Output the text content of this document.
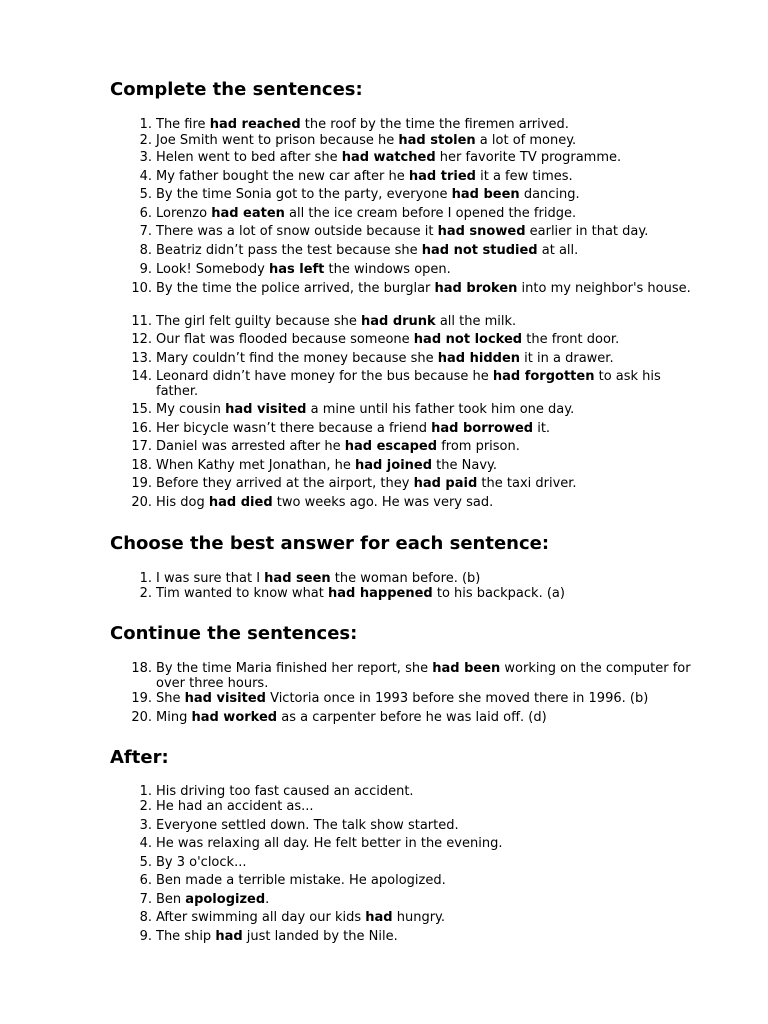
Complete the sentences:
1. The fire had reached the roof by the time the firemen arrived.
2. Joe Smith went to prison because he had stolen a lot of money.
3. Helen went to bed after she had watched her favorite TV programme.
4. My father bought the new car after he had tried it a few times.
5. By the time Sonia got to the party, everyone had been dancing.
6. Lorenzo had eaten all the ice cream before I opened the fridge.
7. There was a lot of snow outside because it had snowed earlier in that day.
8. Beatriz didn’t pass the test because she had not studied at all.
9. Look! Somebody has left the windows open.
10. By the time the police arrived, the burglar had broken into my neighbor's house.
11. The girl felt guilty because she had drunk all the milk.
12. Our flat was flooded because someone had not locked the front door.
13. Mary couldn’t find the money because she had hidden it in a drawer.
14. Leonard didn’t have money for the bus because he had forgotten to ask his father.
15. My cousin had visited a mine until his father took him one day.
16. Her bicycle wasn’t there because a friend had borrowed it.
17. Daniel was arrested after he had escaped from prison.
18. When Kathy met Jonathan, he had joined the Navy.
19. Before they arrived at the airport, they had paid the taxi driver.
20. His dog had died two weeks ago. He was very sad.
Choose the best answer for each sentence:
1. I was sure that I had seen the woman before. (b)
2. Tim wanted to know what had happened to his backpack. (a)
Continue the sentences:
18. By the time Maria finished her report, she had been working on the computer for over three hours.
19. She had visited Victoria once in 1993 before she moved there in 1996. (b)
20. Ming had worked as a carpenter before he was laid off. (d)
After:
1. His driving too fast caused an accident.
2. He had an accident as...
3. Everyone settled down. The talk show started.
4. He was relaxing all day. He felt better in the evening.
5. By 3 o'clock...
6. Ben made a terrible mistake. He apologized.
7. Ben apologized.
8. After swimming all day our kids had hungry.
9. The ship had just landed by the Nile.
